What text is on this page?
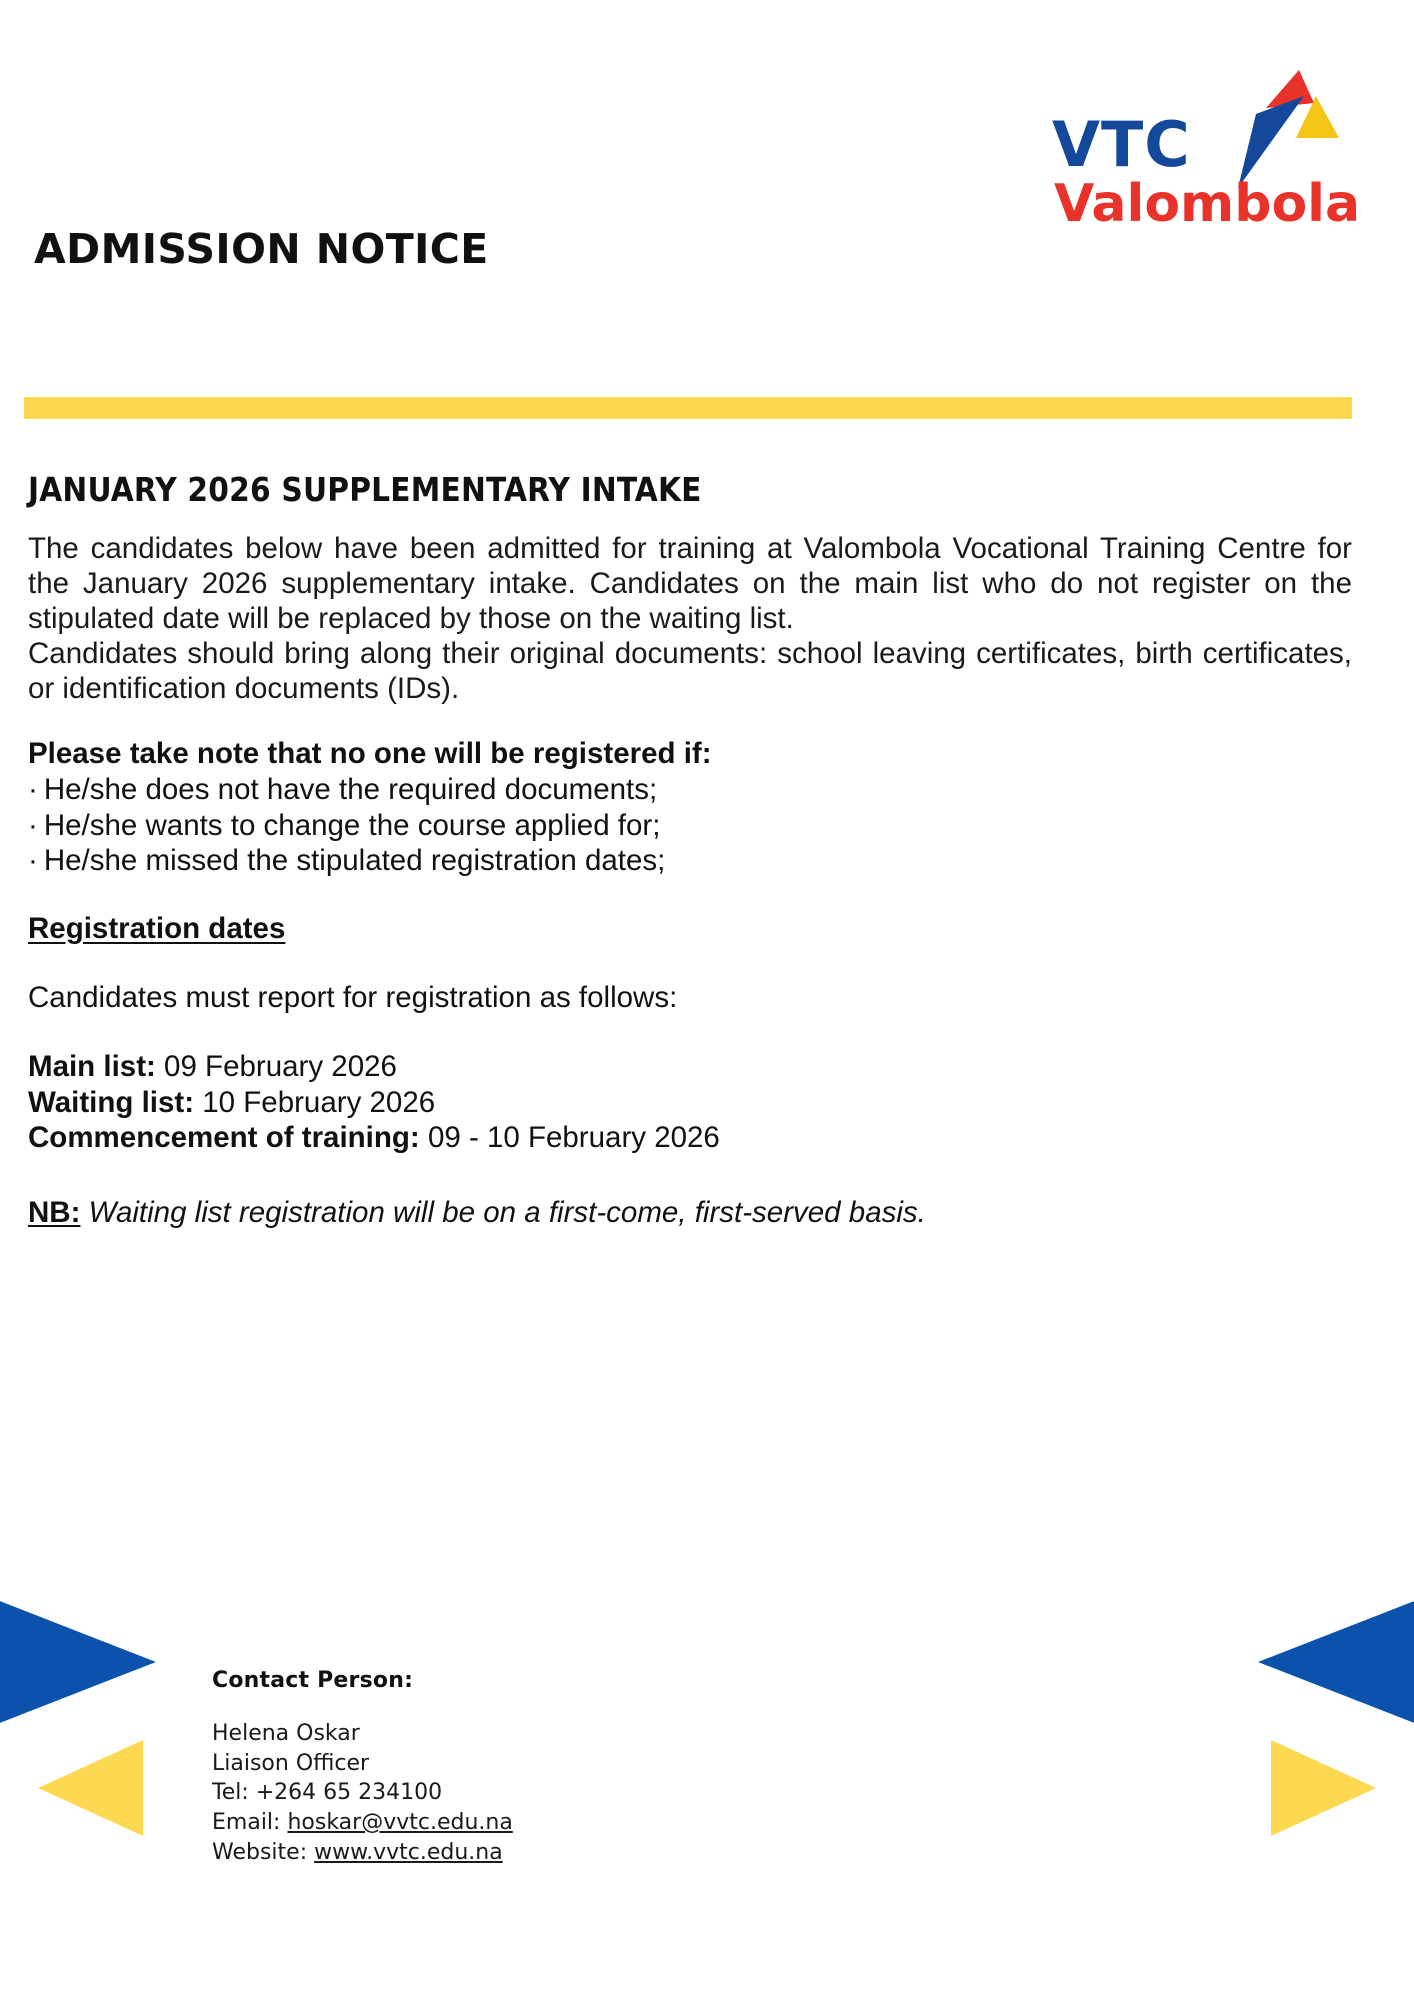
VTC
Valombola
ADMISSION NOTICE
JANUARY 2026 SUPPLEMENTARY INTAKE

The candidates below have been admitted for training at Valombola Vocational Training Centre for the January 2026 supplementary intake. Candidates on the main list who do not register on the stipulated date will be replaced by those on the waiting list.

Candidates should bring along their original documents: school leaving certificates, birth certificates, or identification documents (IDs).

Please take note that no one will be registered if:

· He/she does not have the required documents;

· He/she wants to change the course applied for;

· He/she missed the stipulated registration dates;

Registration dates

Candidates must report for registration as follows:

Main list: 09 February 2026

Waiting list: 10 February 2026

Commencement of training: 09 - 10 February 2026

NB: Waiting list registration will be on a first-come, first-served basis.

Contact Person:

Helena Oskar

Liaison Officer

Tel: +264 65 234100

Email: hoskar@vvtc.edu.na

Website: www.vvtc.edu.na
